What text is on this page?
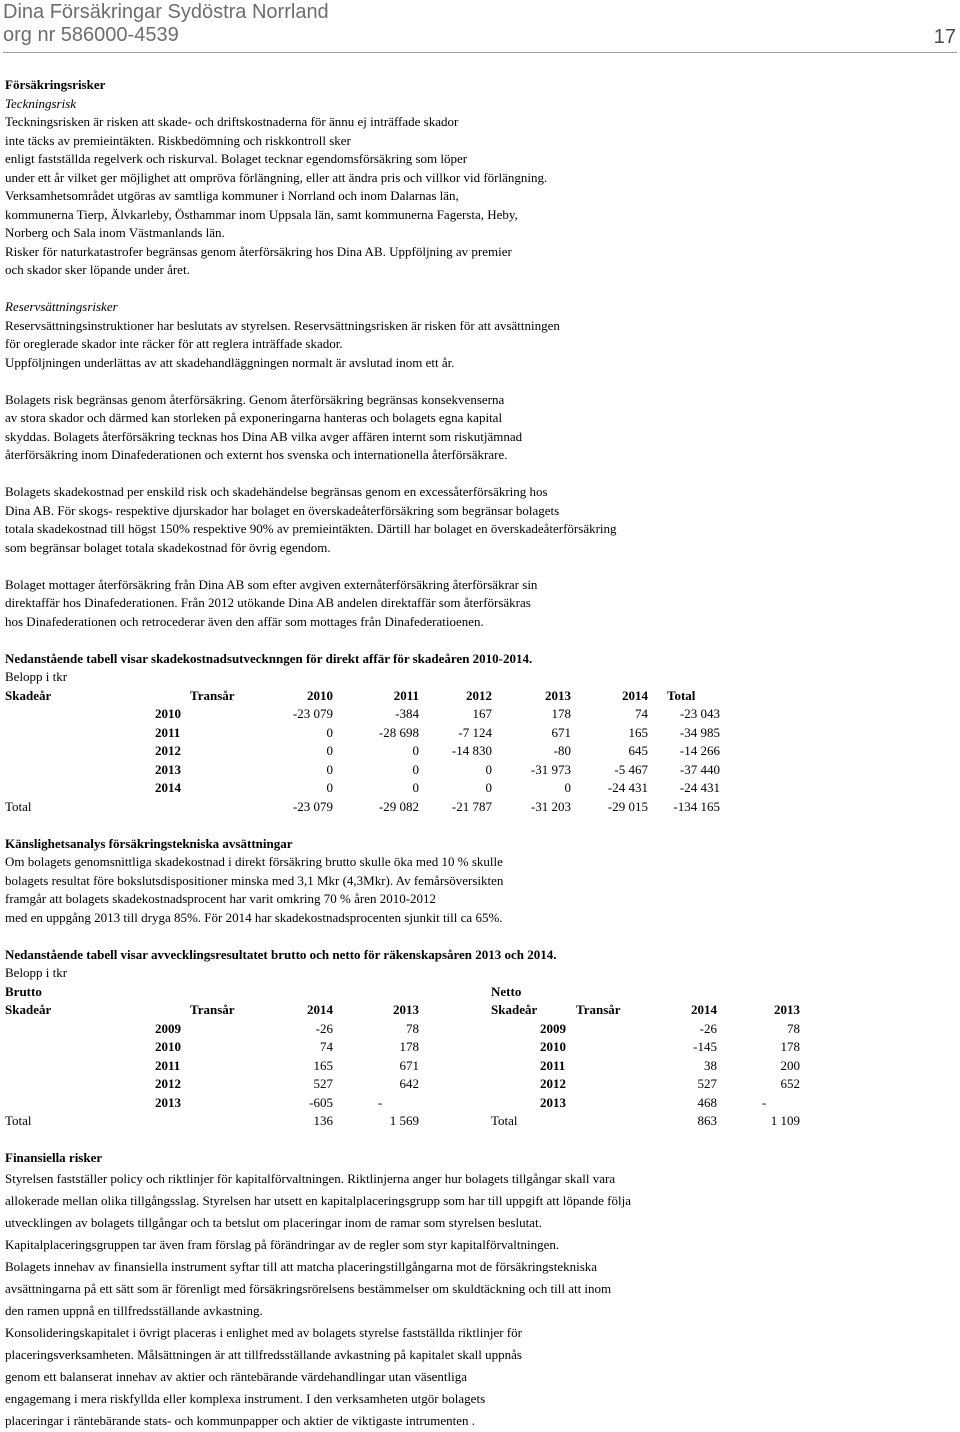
Dina Försäkringar Sydöstra Norrland
org nr 586000-4539	17
Försäkringsrisker
Teckningsrisk
Teckningsrisken är risken att skade- och driftskostnaderna för ännu ej inträffade skador
inte täcks av premieintäkten. Riskbedömning och riskkontroll sker
enligt fastställda regelverk och riskurval. Bolaget tecknar egendomsförsäkring som löper
under ett år vilket ger möjlighet att ompröva förlängning, eller att ändra pris och villkor vid förlängning.
Verksamhetsområdet utgöras av samtliga kommuner i Norrland och inom Dalarnas län,
kommunerna Tierp, Älvkarleby, Östhammar inom Uppsala län, samt kommunerna Fagersta, Heby,
Norberg och Sala inom Västmanlands län.
Risker för naturkatastrofer begränsas genom återförsäkring hos Dina AB. Uppföljning av premier
och skador sker löpande under året.
Reservsättningsrisker
Reservsättningsinstruktioner har beslutats av styrelsen. Reservsättningsrisken är risken för att avsättningen
för oreglerade skador inte räcker för att reglera inträffade skador.
Uppföljningen underlättas av att skadehandläggningen normalt är avslutad inom ett år.
Bolagets risk begränsas genom återförsäkring. Genom återförsäkring begränsas konsekvenserna
av stora skador och därmed kan storleken på exponeringarna hanteras och bolagets egna kapital
skyddas. Bolagets återförsäkring tecknas hos Dina AB vilka avger affären internt som riskutjämnad
återförsäkring inom Dinafederationen och externt hos svenska och internationella återförsäkrare.
Bolagets skadekostnad per enskild risk och skadehändelse begränsas genom en excessåterförsäkring hos
Dina AB. För skogs- respektive djurskador har bolaget en överskadeåterförsäkring som begränsar bolagets
totala skadekostnad till högst 150% respektive 90% av premieintäkten. Därtill har bolaget en överskadeåterförsäkring
som begränsar bolaget totala skadekostnad för övrig egendom.
Bolaget mottager återförsäkring från Dina AB som efter avgiven externåterförsäkring återförsäkrar sin
direktaffär hos Dinafederationen. Från 2012 utökande Dina AB andelen direktaffär som återförsäkras
hos Dinafederationen och retrocederar även den affär som mottages från Dinafederatioenen.
Nedanstående tabell visar skadekostnadsutvecknngen för direkt affär för skadeåren 2010-2014.
Belopp i tkr
Skadeår	Transår	2010	2011	2012	2013	2014 Total
2010	-23 079	-384	167	178	74 -23 043
2011	0	-28 698	-7 124	671	165 -34 985
2012	0	0	-14 830	-80	645 -14 266
2013	0	0	0	-31 973	-5 467 -37 440
2014	0	0	0	0	-24 431 -24 431
Total	-23 079	-29 082	-21 787	-31 203	-29 015 -134 165
Känslighetsanalys försäkringstekniska avsättningar
Om bolagets genomsnittliga skadekostnad i direkt försäkring brutto skulle öka med 10 % skulle
bolagets resultat före bokslutsdispositioner minska med 3,1 Mkr (4,3Mkr). Av femårsöversikten
framgår att bolagets skadekostnadsprocent har varit omkring 70 % åren 2010-2012
med en uppgång 2013 till dryga 85%. För 2014 har skadekostnadsprocenten sjunkit till ca 65%.
Nedanstående tabell visar avvecklingsresultatet brutto och netto för räkenskapsåren 2013 och 2014.
Belopp i tkr
Brutto	Netto
Skadeår	Transår	2014	2013	Skadeår	Transår	2014	2013
2009	-26	78	2009	-26	78
2010	74	178	2010	-145	178
2011	165	671	2011	38	200
2012	527	642	2012	527	652
2013	-605	-	2013	468	-
Total	136	1 569	Total	863	1 109
Finansiella risker
Styrelsen fastställer policy och riktlinjer för kapitalförvaltningen. Riktlinjerna anger hur bolagets tillgångar skall vara
allokerade mellan olika tillgångsslag. Styrelsen har utsett en kapitalplaceringsgrupp som har till uppgift att löpande följa
utvecklingen av bolagets tillgångar och ta betslut om placeringar inom de ramar som styrelsen beslutat.
Kapitalplaceringsgruppen tar även fram förslag på förändringar av de regler som styr kapitalförvaltningen.
Bolagets innehav av finansiella instrument syftar till att matcha placeringstillgångarna mot de försäkringstekniska
avsättningarna på ett sätt som är förenligt med försäkringsrörelsens bestämmelser om skuldtäckning och till att inom
den ramen uppnå en tillfredsställande avkastning.
Konsolideringskapitalet i övrigt placeras i enlighet med av bolagets styrelse fastställda riktlinjer för
placeringsverksamheten. Målsättningen är att tillfredsställande avkastning på kapitalet skall uppnås
genom ett balanserat innehav av aktier och räntebärande värdehandlingar utan väsentliga
engagemang i mera riskfyllda eller komplexa instrument. I den verksamheten utgör bolagets
placeringar i räntebärande stats- och kommunpapper och aktier de viktigaste intrumenten .
